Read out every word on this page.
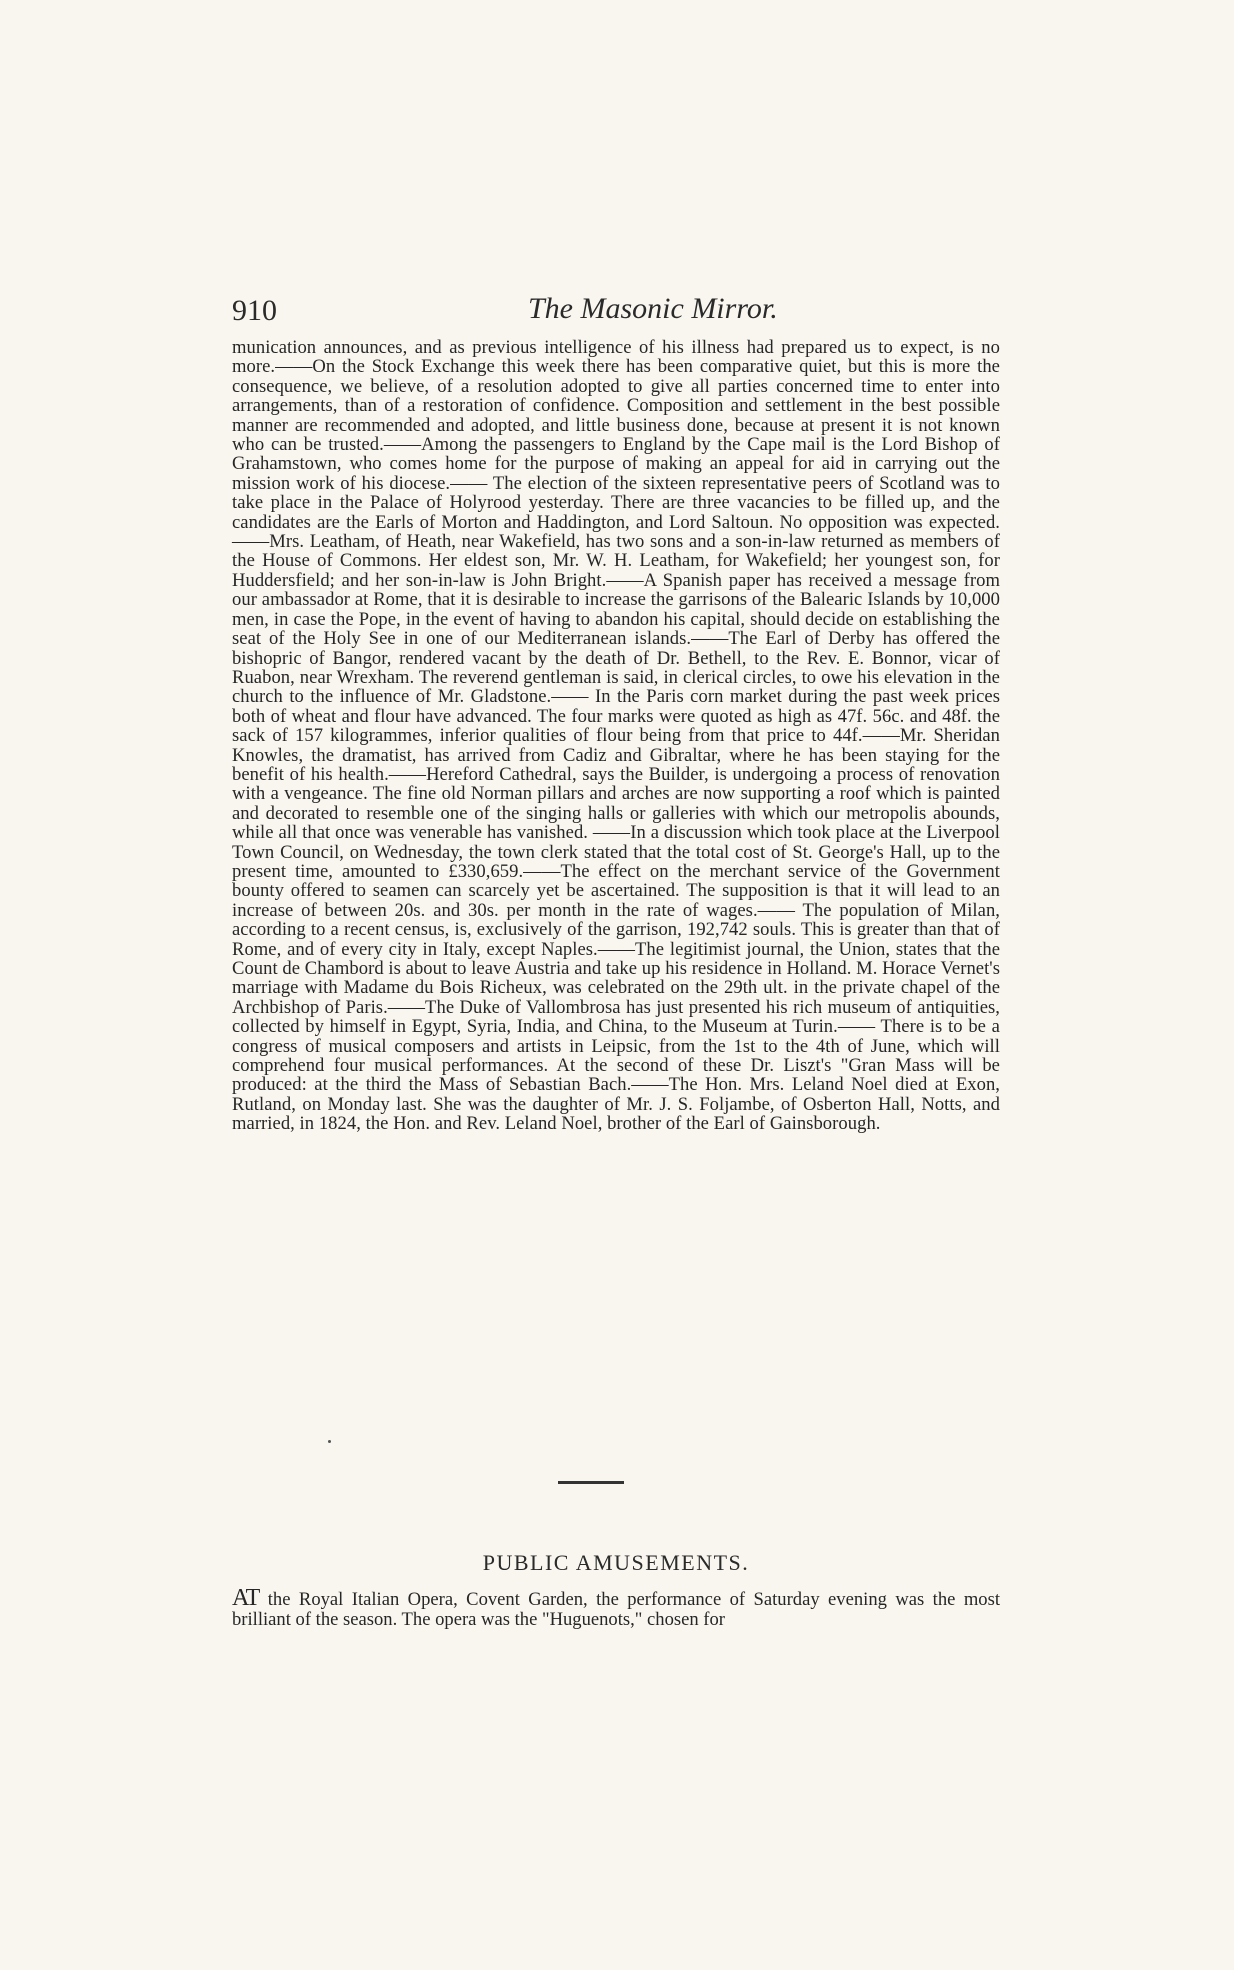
910	The Masonic Mirror.

munication announces, and as previous intelligence of his illness had prepared us to expect, is no more.——On the Stock Exchange this week there has been comparative quiet, but this is more the consequence, we believe, of a resolution adopted to give all parties concerned time to enter into arrangements, than of a restoration of confidence. Composition and settlement in the best possible manner are recommended and adopted, and little business done, because at present it is not known who can be trusted.——Among the passengers to England by the Cape mail is the Lord Bishop of Grahamstown, who comes home for the purpose of making an appeal for aid in carrying out the mission work of his diocese.—— The election of the sixteen representative peers of Scotland was to take place in the Palace of Holyrood yesterday. There are three vacancies to be filled up, and the candidates are the Earls of Morton and Haddington, and Lord Saltoun. No opposition was expected.——Mrs. Leatham, of Heath, near Wakefield, has two sons and a son-in-law returned as members of the House of Commons. Her eldest son, Mr. W. H. Leatham, for Wakefield; her youngest son, for Huddersfield; and her son-in-law is John Bright.——A Spanish paper has received a message from our ambassador at Rome, that it is desirable to increase the garrisons of the Balearic Islands by 10,000 men, in case the Pope, in the event of having to abandon his capital, should decide on establishing the seat of the Holy See in one of our Mediterranean islands.——The Earl of Derby has offered the bishopric of Bangor, rendered vacant by the death of Dr. Bethell, to the Rev. E. Bonnor, vicar of Ruabon, near Wrexham. The reverend gentleman is said, in clerical circles, to owe his elevation in the church to the influence of Mr. Gladstone.—— In the Paris corn market during the past week prices both of wheat and flour have advanced. The four marks were quoted as high as 47f. 56c. and 48f. the sack of 157 kilogrammes, inferior qualities of flour being from that price to 44f.——Mr. Sheridan Knowles, the dramatist, has arrived from Cadiz and Gibraltar, where he has been staying for the benefit of his health.——Hereford Cathedral, says the Builder, is undergoing a process of renovation with a vengeance. The fine old Norman pillars and arches are now supporting a roof which is painted and decorated to resemble one of the singing halls or galleries with which our metropolis abounds, while all that once was venerable has vanished. ——In a discussion which took place at the Liverpool Town Council, on Wednesday, the town clerk stated that the total cost of St. George's Hall, up to the present time, amounted to £330,659.——The effect on the merchant service of the Government bounty offered to seamen can scarcely yet be ascertained. The supposition is that it will lead to an increase of between 20s. and 30s. per month in the rate of wages.—— The population of Milan, according to a recent census, is, exclusively of the garrison, 192,742 souls. This is greater than that of Rome, and of every city in Italy, except Naples.——The legitimist journal, the Union, states that the Count de Chambord is about to leave Austria and take up his residence in Holland. M. Horace Vernet's marriage with Madame du Bois Richeux, was celebrated on the 29th ult. in the private chapel of the Archbishop of Paris.——The Duke of Vallombrosa has just presented his rich museum of antiquities, collected by himself in Egypt, Syria, India, and China, to the Museum at Turin.—— There is to be a congress of musical composers and artists in Leipsic, from the 1st to the 4th of June, which will comprehend four musical performances. At the second of these Dr. Liszt's "Gran Mass will be produced: at the third the Mass of Sebastian Bach.——The Hon. Mrs. Leland Noel died at Exon, Rutland, on Monday last. She was the daughter of Mr. J. S. Foljambe, of Osberton Hall, Notts, and married, in 1824, the Hon. and Rev. Leland Noel, brother of the Earl of Gainsborough.

PUBLIC AMUSEMENTS.

AT the Royal Italian Opera, Covent Garden, the performance of Saturday evening was the most brilliant of the season. The opera was the "Huguenots," chosen for
